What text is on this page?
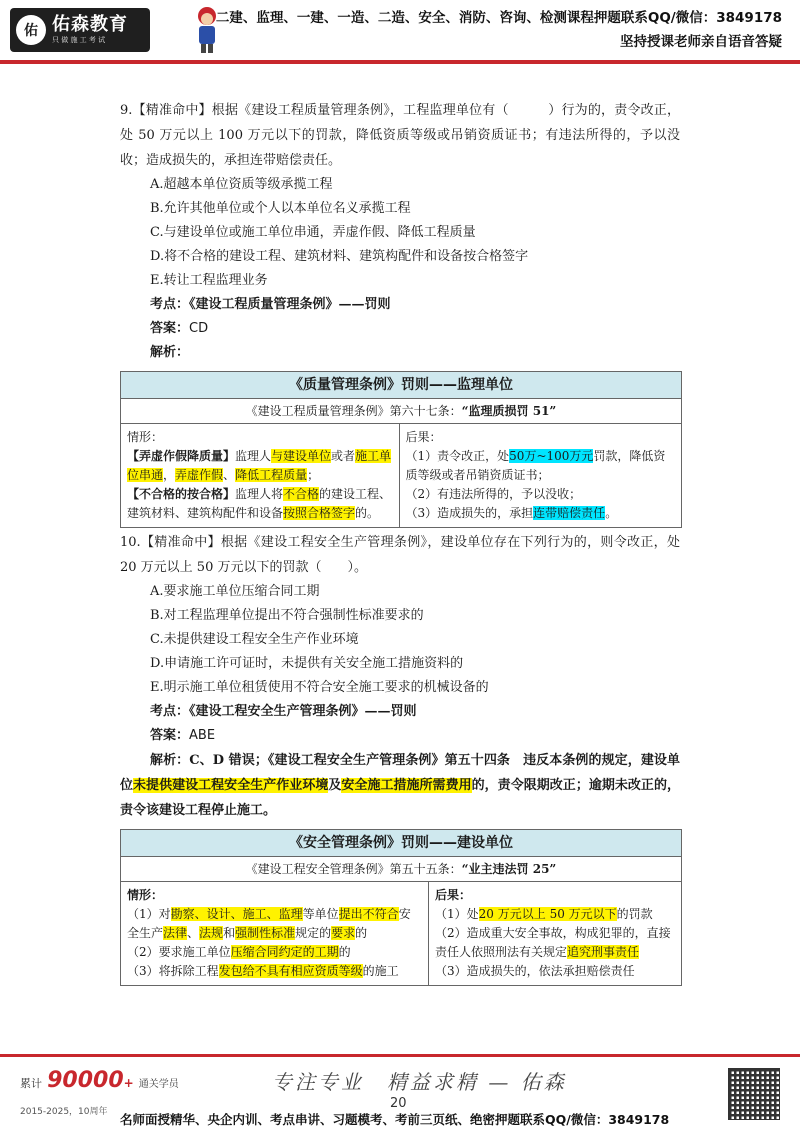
佑 佑森教育
只 做 施 工 考 试
二建、监理、一建、一造、二造、安全、消防、咨询、检测课程押题联系QQ/微信：3849178
坚持授课老师亲自语音答疑
9.【精准命中】根据《建设工程质量管理条例》，工程监理单位有（　　　	）行为的，责令改正，处 50 万元以上 100 万元以下的罚款，降低资质等级或吊销资质证书；有违法所得的，予以没收；造成损失的，承担连带赔偿责任。
A.超越本单位资质等级承揽工程
B.允许其他单位或个人以本单位名义承揽工程
C.与建设单位或施工单位串通，弄虚作假、降低工程质量
D.将不合格的建设工程、建筑材料、建筑构配件和设备按合格签字
E.转让工程监理业务
考点：《建设工程质量管理条例》——罚则
答案：CD
解析：
《质量管理条例》罚则——监理单位
《建设工程质量管理条例》第六十七条：“监理质损罚 51”
情形：
【弄虚作假降质量】监理人与建设单位或者施工单位串通，弄虚作假、降低工程质量；
【不合格的按合格】监理人将不合格的建设工程、建筑材料、建筑构配件和设备按照合格签字的。
后果：
（1）责令改正，处50万~100万元罚款，降低资质等级或者吊销资质证书；
（2）有违法所得的，予以没收；
（3）造成损失的，承担连带赔偿责任。
10.【精准命中】根据《建设工程安全生产管理条例》，建设单位存在下列行为的，则令改正，处 20 万元以上 50 万元以下的罚款（　　）。
A.要求施工单位压缩合同工期
B.对工程监理单位提出不符合强制性标准要求的
C.未提供建设工程安全生产作业环境
D.申请施工许可证时，未提供有关安全施工措施资料的
E.明示施工单位租赁使用不符合安全施工要求的机械设备的
考点：《建设工程安全生产管理条例》——罚则
答案：ABE
解析：C、D 错误；《建设工程安全生产管理条例》第五十四条　违反本条例的规定，建设单位未提供建设工程安全生产作业环境及安全施工措施所需费用的，责令限期改正；逾期未改正的，责令该建设工程停止施工。
《安全管理条例》罚则——建设单位
《建设工程安全管理条例》第五十五条：“业主违法罚 25”
情形：
（1）对勘察、设计、施工、监理等单位提出不符合安全生产法律、法规和强制性标准规定的要求的
（2）要求施工单位压缩合同约定的工期的
（3）将拆除工程发包给不具有相应资质等级的施工
后果：
（1）处20 万元以上 50 万元以下的罚款
（2）造成重大安全事故，构成犯罪的，直接责任人依照刑法有关规定追究刑事责任
（3）造成损失的，依法承担赔偿责任
累计 90000+ 通关学员
2015-2025，10周年
专注专业　精益求精 — 佑森
20
名师面授精华、央企内训、考点串讲、习题模考、考前三页纸、绝密押题联系QQ/微信：3849178
